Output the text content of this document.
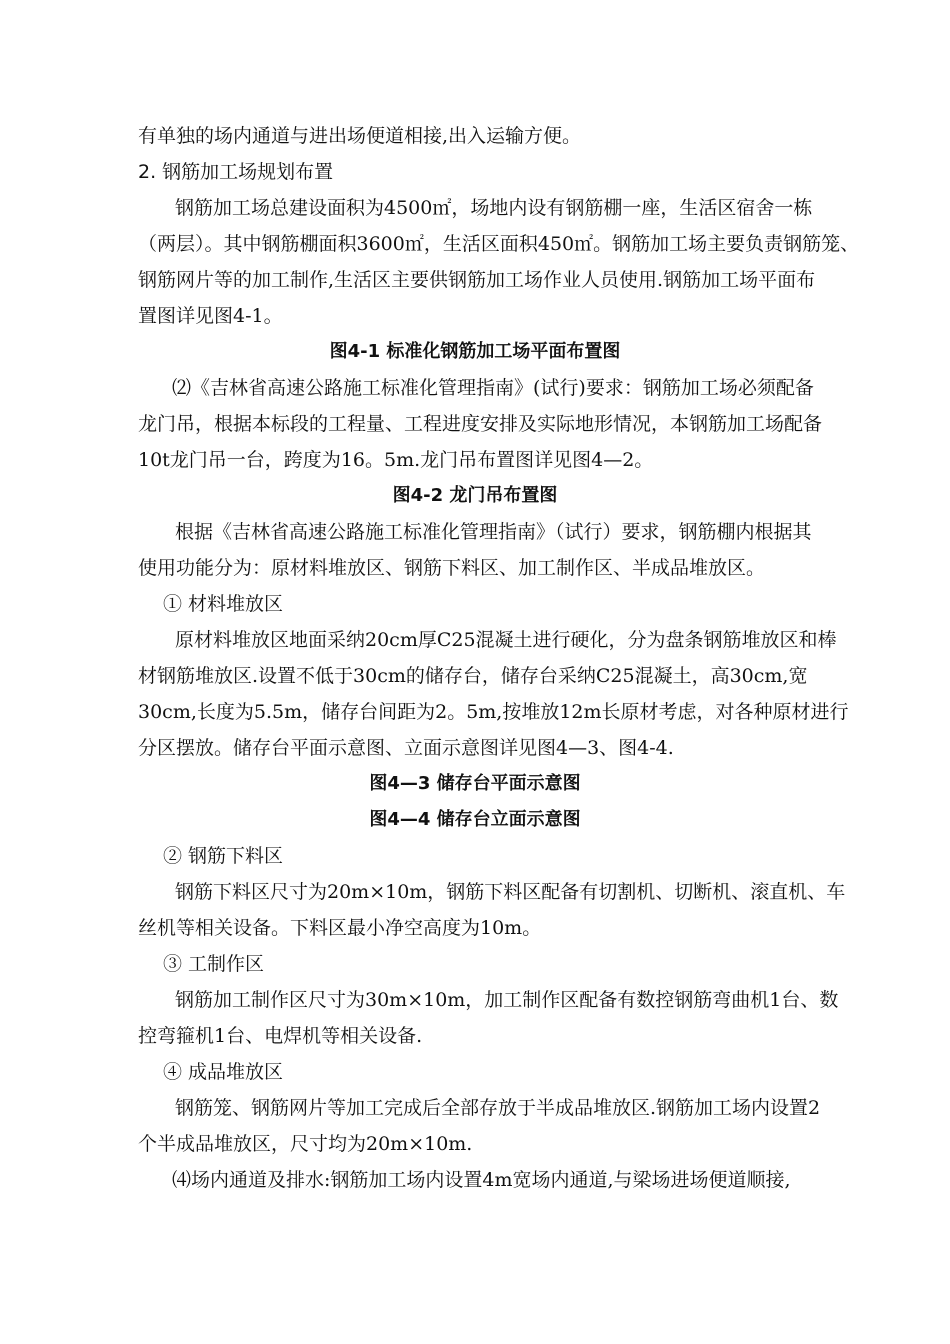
有单独的场内通道与进出场便道相接,出入运输方便。
2. 钢筋加工场规划布置
钢筋加工场总建设面积为4500㎡，场地内设有钢筋棚一座，生活区宿舍一栋
（两层）。其中钢筋棚面积3600㎡，生活区面积450㎡。钢筋加工场主要负责钢筋笼、
钢筋网片等的加工制作,生活区主要供钢筋加工场作业人员使用.钢筋加工场平面布
置图详见图4-1。
图4-1 标准化钢筋加工场平面布置图
⑵《吉林省高速公路施工标准化管理指南》(试行)要求：钢筋加工场必须配备
龙门吊，根据本标段的工程量、工程进度安排及实际地形情况，本钢筋加工场配备
10t龙门吊一台，跨度为16。5m.龙门吊布置图详见图4—2。
图4-2 龙门吊布置图
根据《吉林省高速公路施工标准化管理指南》（试行）要求，钢筋棚内根据其
使用功能分为：原材料堆放区、钢筋下料区、加工制作区、半成品堆放区。
① 材料堆放区
原材料堆放区地面采纳20cm厚C25混凝土进行硬化，分为盘条钢筋堆放区和棒
材钢筋堆放区.设置不低于30cm的储存台，储存台采纳C25混凝土，高30cm,宽
30cm,长度为5.5m，储存台间距为2。5m,按堆放12m长原材考虑，对各种原材进行
分区摆放。储存台平面示意图、立面示意图详见图4—3、图4-4.
图4—3 储存台平面示意图
图4—4 储存台立面示意图
② 钢筋下料区
钢筋下料区尺寸为20m×10m，钢筋下料区配备有切割机、切断机、滚直机、车
丝机等相关设备。下料区最小净空高度为10m。
③ 工制作区
钢筋加工制作区尺寸为30m×10m，加工制作区配备有数控钢筋弯曲机1台、数
控弯箍机1台、电焊机等相关设备.
④ 成品堆放区
钢筋笼、钢筋网片等加工完成后全部存放于半成品堆放区.钢筋加工场内设置2
个半成品堆放区，尺寸均为20m×10m.
⑷场内通道及排水:钢筋加工场内设置4m宽场内通道,与梁场进场便道顺接,
